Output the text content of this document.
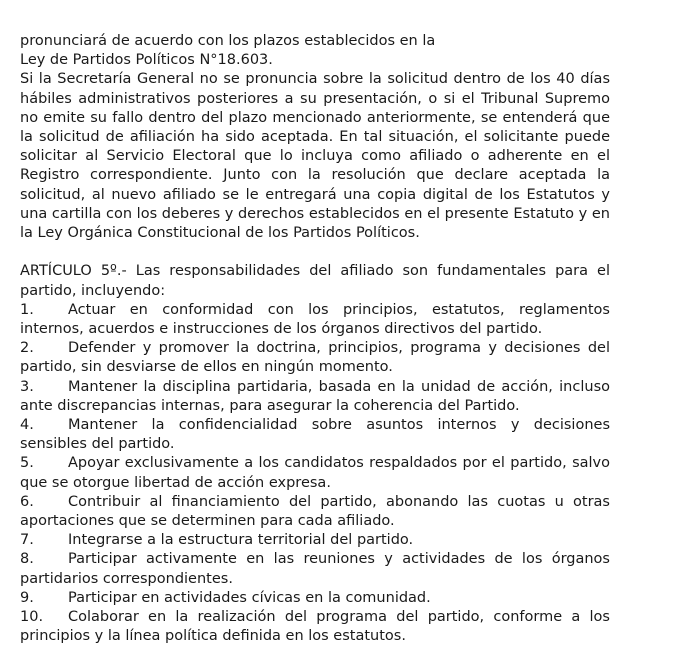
pronunciará de acuerdo con los plazos establecidos en la
Ley de Partidos Políticos N°18.603.

Si la Secretaría General no se pronuncia sobre la solicitud dentro de los 40 días hábiles administrativos posteriores a su presentación, o si el Tribunal Supremo no emite su fallo dentro del plazo mencionado anteriormente, se entenderá que la solicitud de afiliación ha sido aceptada. En tal situación, el solicitante puede solicitar al Servicio Electoral que lo incluya como afiliado o adherente en el Registro correspondiente. Junto con la resolución que declare aceptada la solicitud, al nuevo afiliado se le entregará una copia digital de los Estatutos y una cartilla con los deberes y derechos establecidos en el presente Estatuto y en la Ley Orgánica Constitucional de los Partidos Políticos.

ARTÍCULO 5º.- Las responsabilidades del afiliado son fundamentales para el partido, incluyendo:

1. Actuar en conformidad con los principios, estatutos, reglamentos internos, acuerdos e instrucciones de los órganos directivos del partido.
2. Defender y promover la doctrina, principios, programa y decisiones del partido, sin desviarse de ellos en ningún momento.
3. Mantener la disciplina partidaria, basada en la unidad de acción, incluso ante discrepancias internas, para asegurar la coherencia del Partido.
4. Mantener la confidencialidad sobre asuntos internos y decisiones sensibles del partido.
5. Apoyar exclusivamente a los candidatos respaldados por el partido, salvo que se otorgue libertad de acción expresa.
6. Contribuir al financiamiento del partido, abonando las cuotas u otras aportaciones que se determinen para cada afiliado.
7. Integrarse a la estructura territorial del partido.
8. Participar activamente en las reuniones y actividades de los órganos partidarios correspondientes.
9. Participar en actividades cívicas en la comunidad.
10. Colaborar en la realización del programa del partido, conforme a los principios y la línea política definida en los estatutos.
